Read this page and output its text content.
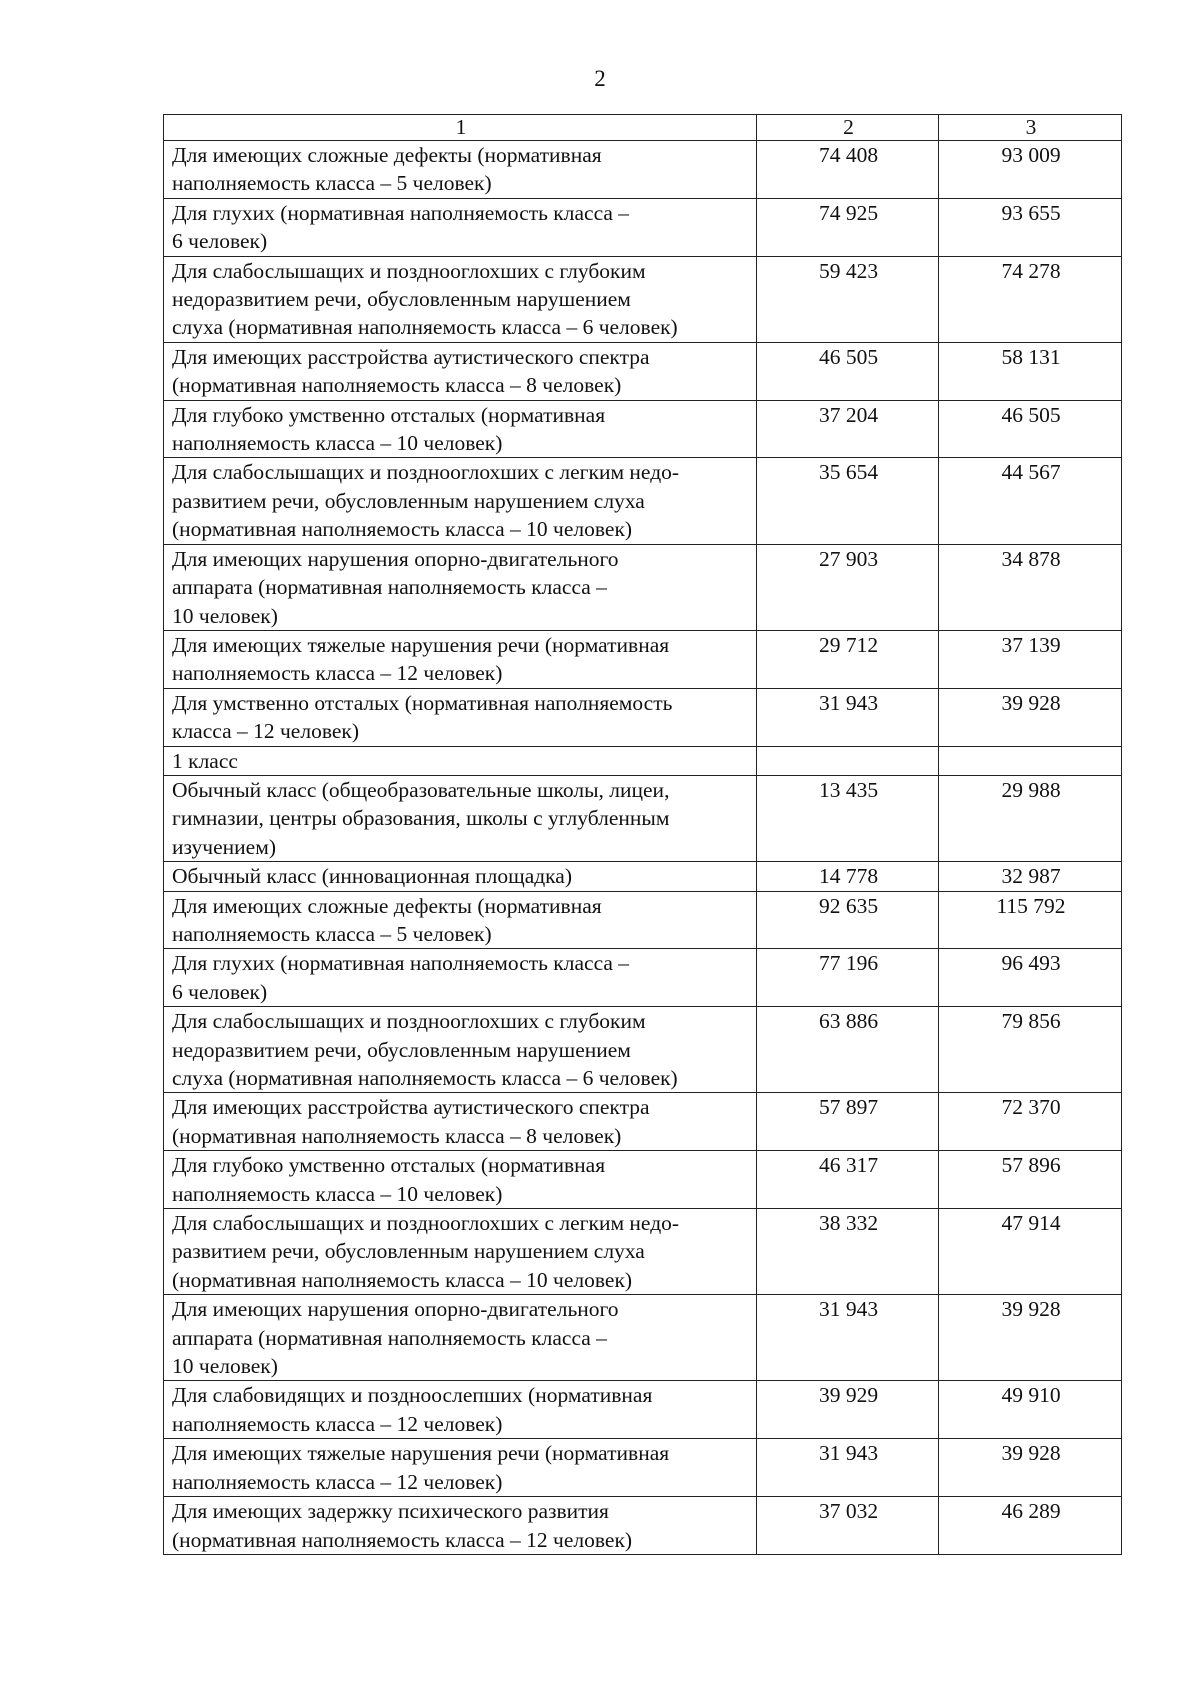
2
1	2	3
Для имеющих сложные дефекты (нормативная
наполняемость класса – 5 человек)	74 408	93 009
Для глухих (нормативная наполняемость класса –
6 человек)	74 925	93 655
Для слабослышащих и позднооглохших с глубоким
недоразвитием речи, обусловленным нарушением
слуха (нормативная наполняемость класса – 6 человек)	59 423	74 278
Для имеющих расстройства аутистического спектра
(нормативная наполняемость класса – 8 человек)	46 505	58 131
Для глубоко умственно отсталых (нормативная
наполняемость класса – 10 человек)	37 204	46 505
Для слабослышащих и позднооглохших с легким недо-
развитием речи, обусловленным нарушением слуха
(нормативная наполняемость класса – 10 человек)	35 654	44 567
Для имеющих нарушения опорно-двигательного
аппарата (нормативная наполняемость класса –
10 человек)	27 903	34 878
Для имеющих тяжелые нарушения речи (нормативная
наполняемость класса – 12 человек)	29 712	37 139
Для умственно отсталых (нормативная наполняемость
класса – 12 человек)	31 943	39 928
1 класс		
Обычный класс (общеобразовательные школы, лицеи,
гимназии, центры образования, школы с углубленным
изучением)	13 435	29 988
Обычный класс (инновационная площадка)	14 778	32 987
Для имеющих сложные дефекты (нормативная
наполняемость класса – 5 человек)	92 635	115 792
Для глухих (нормативная наполняемость класса –
6 человек)	77 196	96 493
Для слабослышащих и позднооглохших с глубоким
недоразвитием речи, обусловленным нарушением
слуха (нормативная наполняемость класса – 6 человек)	63 886	79 856
Для имеющих расстройства аутистического спектра
(нормативная наполняемость класса – 8 человек)	57 897	72 370
Для глубоко умственно отсталых (нормативная
наполняемость класса – 10 человек)	46 317	57 896
Для слабослышащих и позднооглохших с легким недо-
развитием речи, обусловленным нарушением слуха
(нормативная наполняемость класса – 10 человек)	38 332	47 914
Для имеющих нарушения опорно-двигательного
аппарата (нормативная наполняемость класса –
10 человек)	31 943	39 928
Для слабовидящих и поздноослепших (нормативная
наполняемость класса – 12 человек)	39 929	49 910
Для имеющих тяжелые нарушения речи (нормативная
наполняемость класса – 12 человек)	31 943	39 928
Для имеющих задержку психического развития
(нормативная наполняемость класса – 12 человек)	37 032	46 289
